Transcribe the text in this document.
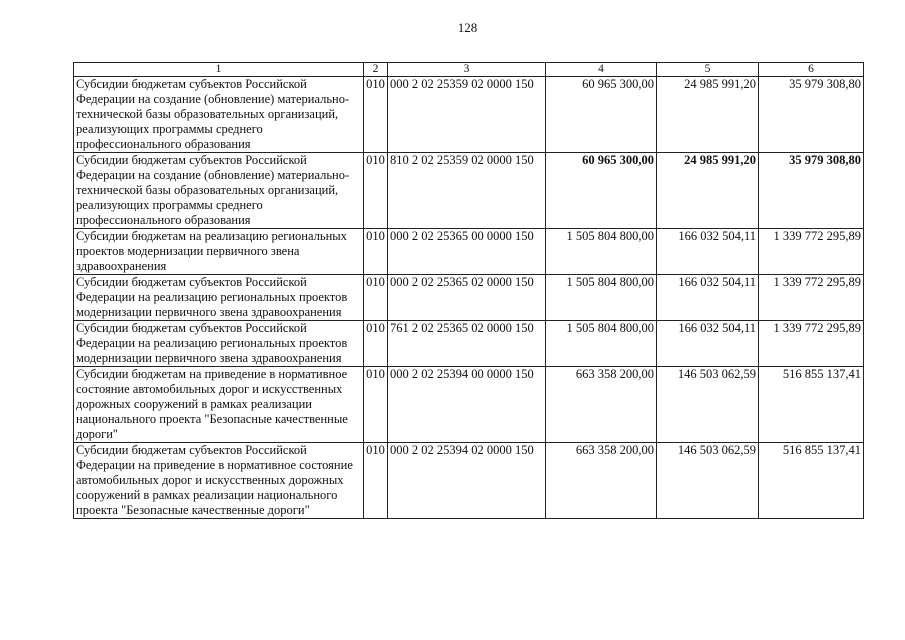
128
1	2	3	4	5	6
Субсидии бюджетам субъектов Российской Федерации на создание (обновление) материально-технической базы образовательных организаций, реализующих программы среднего профессионального образования	010	000 2 02 25359 02 0000 150	60 965 300,00	24 985 991,20	35 979 308,80
Субсидии бюджетам субъектов Российской Федерации на создание (обновление) материально-технической базы образовательных организаций, реализующих программы среднего профессионального образования	010	810 2 02 25359 02 0000 150	60 965 300,00	24 985 991,20	35 979 308,80
Субсидии бюджетам на реализацию региональных проектов модернизации первичного звена здравоохранения	010	000 2 02 25365 00 0000 150	1 505 804 800,00	166 032 504,11	1 339 772 295,89
Субсидии бюджетам субъектов Российской Федерации на реализацию региональных проектов модернизации первичного звена здравоохранения	010	000 2 02 25365 02 0000 150	1 505 804 800,00	166 032 504,11	1 339 772 295,89
Субсидии бюджетам субъектов Российской Федерации на реализацию региональных проектов модернизации первичного звена здравоохранения	010	761 2 02 25365 02 0000 150	1 505 804 800,00	166 032 504,11	1 339 772 295,89
Субсидии бюджетам на приведение в нормативное состояние автомобильных дорог и искусственных дорожных сооружений в рамках реализации национального проекта "Безопасные качественные дороги"	010	000 2 02 25394 00 0000 150	663 358 200,00	146 503 062,59	516 855 137,41
Субсидии бюджетам субъектов Российской Федерации на приведение в нормативное состояние автомобильных дорог и искусственных дорожных сооружений в рамках реализации национального проекта "Безопасные качественные дороги"	010	000 2 02 25394 02 0000 150	663 358 200,00	146 503 062,59	516 855 137,41
